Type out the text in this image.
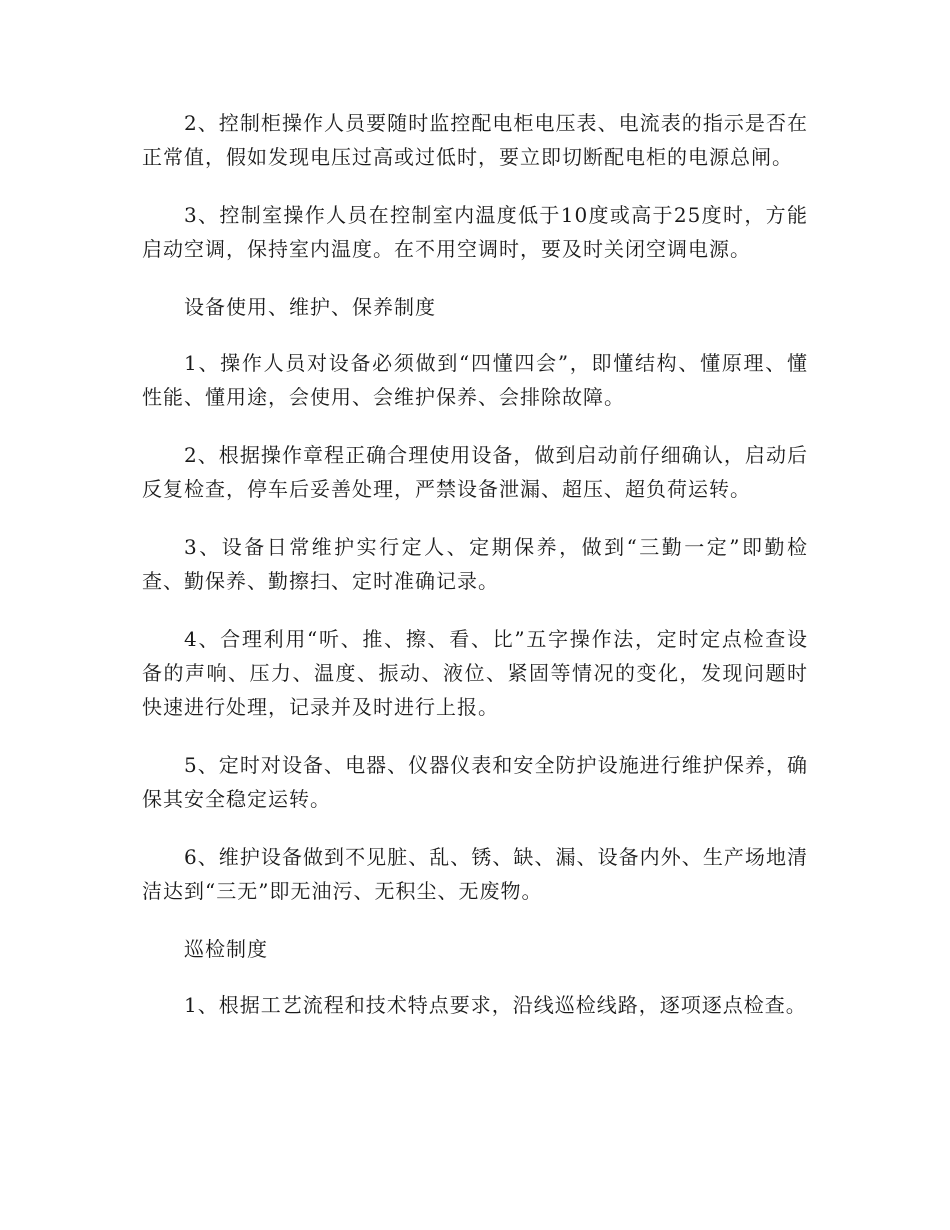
2、控制柜操作人员要随时监控配电柜电压表、电流表的指示是否在正常值，假如发现电压过高或过低时，要立即切断配电柜的电源总闸。

3、控制室操作人员在控制室内温度低于10度或高于25度时，方能启动空调，保持室内温度。在不用空调时，要及时关闭空调电源。

设备使用、维护、保养制度

1、操作人员对设备必须做到“四懂四会”，即懂结构、懂原理、懂性能、懂用途，会使用、会维护保养、会排除故障。

2、根据操作章程正确合理使用设备，做到启动前仔细确认，启动后反复检查，停车后妥善处理，严禁设备泄漏、超压、超负荷运转。

3、设备日常维护实行定人、定期保养，做到“三勤一定”即勤检查、勤保养、勤擦扫、定时准确记录。

4、合理利用“听、推、擦、看、比”五字操作法，定时定点检查设备的声响、压力、温度、振动、液位、紧固等情况的变化，发现问题时快速进行处理，记录并及时进行上报。

5、定时对设备、电器、仪器仪表和安全防护设施进行维护保养，确保其安全稳定运转。

6、维护设备做到不见脏、乱、锈、缺、漏、设备内外、生产场地清洁达到“三无”即无油污、无积尘、无废物。

巡检制度

1、根据工艺流程和技术特点要求，沿线巡检线路，逐项逐点检查。
